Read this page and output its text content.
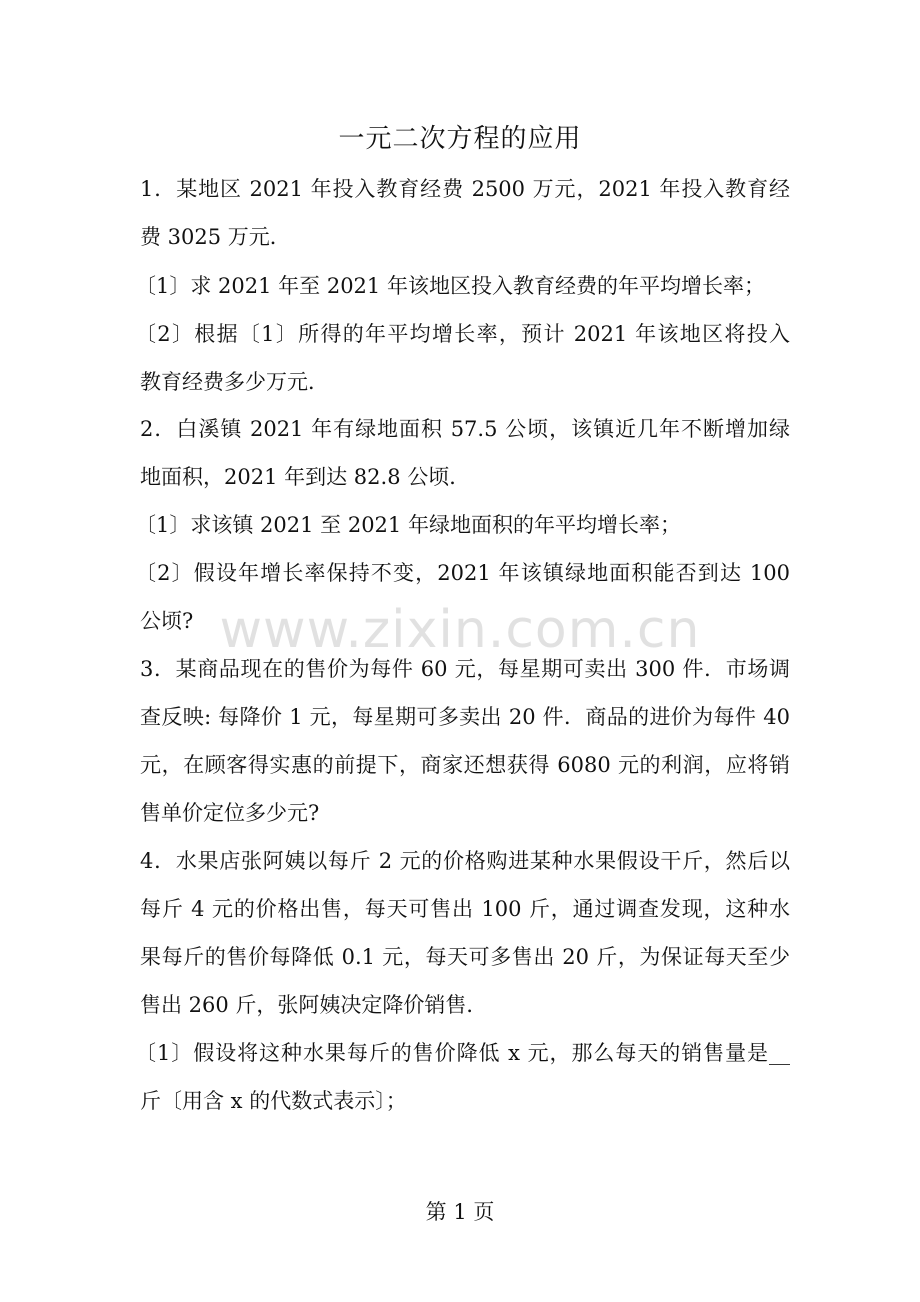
一元二次方程的应用
1．某地区 2021 年投入教育经费 2500 万元，2021 年投入教育经
费 3025 万元．
〔1〕求 2021 年至 2021 年该地区投入教育经费的年平均增长率；
〔2〕根据〔1〕所得的年平均增长率，预计 2021 年该地区将投入
教育经费多少万元．
2．白溪镇 2021 年有绿地面积 57.5 公顷，该镇近几年不断增加绿
地面积，2021 年到达 82.8 公顷．
〔1〕求该镇 2021 至 2021 年绿地面积的年平均增长率；
〔2〕假设年增长率保持不变，2021 年该镇绿地面积能否到达 100
公顷?
3．某商品现在的售价为每件 60 元，每星期可卖出 300 件．市场调
查反映: 每降价 1 元，每星期可多卖出 20 件．商品的进价为每件 40
元，在顾客得实惠的前提下，商家还想获得 6080 元的利润，应将销
售单价定位多少元?
4．水果店张阿姨以每斤 2 元的价格购进某种水果假设干斤，然后以
每斤 4 元的价格出售，每天可售出 100 斤，通过调查发现，这种水
果每斤的售价每降低 0.1 元，每天可多售出 20 斤，为保证每天至少
售出 260 斤，张阿姨决定降价销售．
〔1〕假设将这种水果每斤的售价降低 x 元，那么每天的销售量是__
斤〔用含 x 的代数式表示〕；
www.zixin.com.cn
第 1 页
